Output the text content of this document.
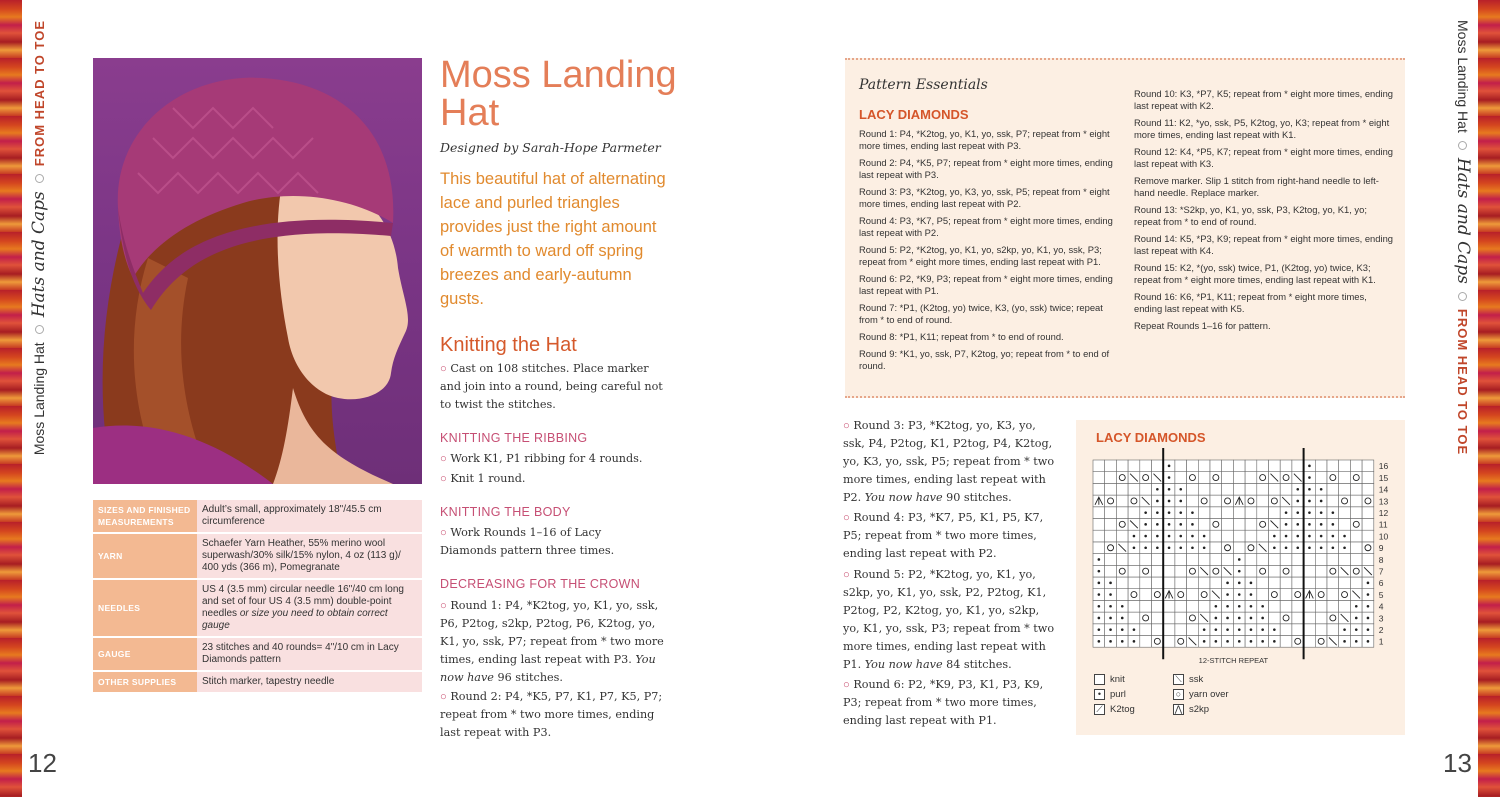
FROM HEAD TO TOE
Hats and Caps
Moss Landing Hat
Moss Landing Hat
Hats and Caps
FROM HEAD TO TOE
12	13
SIZES AND FINISHED MEASUREMENTS	Adult’s small, approximately 18"/45.5 cm circumference
YARN	Schaefer Yarn Heather, 55% merino wool superwash/30% silk/15% nylon, 4 oz (113 g)/ 400 yds (366 m), Pomegranate
NEEDLES	US 4 (3.5 mm) circular needle 16"/40 cm long and set of four US 4 (3.5 mm) double-point needles or size you need to obtain correct gauge
GAUGE	23 stitches and 40 rounds= 4"/10 cm in Lacy Diamonds pattern
OTHER SUPPLIES	Stitch marker, tapestry needle
Moss Landing Hat
Designed by Sarah-Hope Parmeter
This beautiful hat of alternating lace and purled triangles provides just the right amount of warmth to ward off spring breezes and early-autumn gusts.
Knitting the Hat
○ Cast on 108 stitches. Place marker and join into a round, being careful not to twist the stitches.
KNITTING THE RIBBING
○ Work K1, P1 ribbing for 4 rounds.
○ Knit 1 round.
KNITTING THE BODY
○ Work Rounds 1–16 of Lacy Diamonds pattern three times.
DECREASING FOR THE CROWN
○ Round 1: P4, *K2tog, yo, K1, yo, ssk, P6, P2tog, s2kp, P2tog, P6, K2tog, yo, K1, yo, ssk, P7; repeat from * two more times, ending last repeat with P3. You now have 96 stitches.
○ Round 2: P4, *K5, P7, K1, P7, K5, P7; repeat from * two more times, ending last repeat with P3.
○ Round 3: P3, *K2tog, yo, K3, yo, ssk, P4, P2tog, K1, P2tog, P4, K2tog, yo, K3, yo, ssk, P5; repeat from * two more times, ending last repeat with P2. You now have 90 stitches.
○ Round 4: P3, *K7, P5, K1, P5, K7, P5; repeat from * two more times, ending last repeat with P2.
○ Round 5: P2, *K2tog, yo, K1, yo, s2kp, yo, K1, yo, ssk, P2, P2tog, K1, P2tog, P2, K2tog, yo, K1, yo, s2kp, yo, K1, yo, ssk, P3; repeat from * two more times, ending last repeat with P1. You now have 84 stitches.
○ Round 6: P2, *K9, P3, K1, P3, K9, P3; repeat from * two more times, ending last repeat with P1.
Pattern Essentials
LACY DIAMONDS

Round 1: P4, *K2tog, yo, K1, yo, ssk, P7; repeat from * eight more times, ending last repeat with P3.

Round 2: P4, *K5, P7; repeat from * eight more times, ending last repeat with P3.

Round 3: P3, *K2tog, yo, K3, yo, ssk, P5; repeat from * eight more times, ending last repeat with P2.

Round 4: P3, *K7, P5; repeat from * eight more times, ending last repeat with P2.

Round 5: P2, *K2tog, yo, K1, yo, s2kp, yo, K1, yo, ssk, P3; repeat from * eight more times, ending last repeat with P1.

Round 6: P2, *K9, P3; repeat from * eight more times, ending last repeat with P1.

Round 7: *P1, (K2tog, yo) twice, K3, (yo, ssk) twice; repeat from * to end of round.

Round 8: *P1, K11; repeat from * to end of round.

Round 9: *K1, yo, ssk, P7, K2tog, yo; repeat from * to end of round.

Round 10: K3, *P7, K5; repeat from * eight more times, ending last repeat with K2.

Round 11: K2, *yo, ssk, P5, K2tog, yo, K3; repeat from * eight more times, ending last repeat with K1.

Round 12: K4, *P5, K7; repeat from * eight more times, ending last repeat with K3.

Remove marker. Slip 1 stitch from right-hand needle to left-hand needle. Replace marker.

Round 13: *S2kp, yo, K1, yo, ssk, P3, K2tog, yo, K1, yo; repeat from * to end of round.

Round 14: K5, *P3, K9; repeat from * eight more times, ending last repeat with K4.

Round 15: K2, *(yo, ssk) twice, P1, (K2tog, yo) twice, K3; repeat from * eight more times, ending last repeat with K1.

Round 16: K6, *P1, K11; repeat from * eight more times, ending last repeat with K5.

Repeat Rounds 1–16 for pattern.

LACY DIAMONDS
1
2
3
4
5
6
7
8
9
10
11
12
13
14
15
16
12-STITCH REPEAT
knit
• purl
⟋ K2tog
⟍ ssk
○ yarn over
⋀ s2kp
